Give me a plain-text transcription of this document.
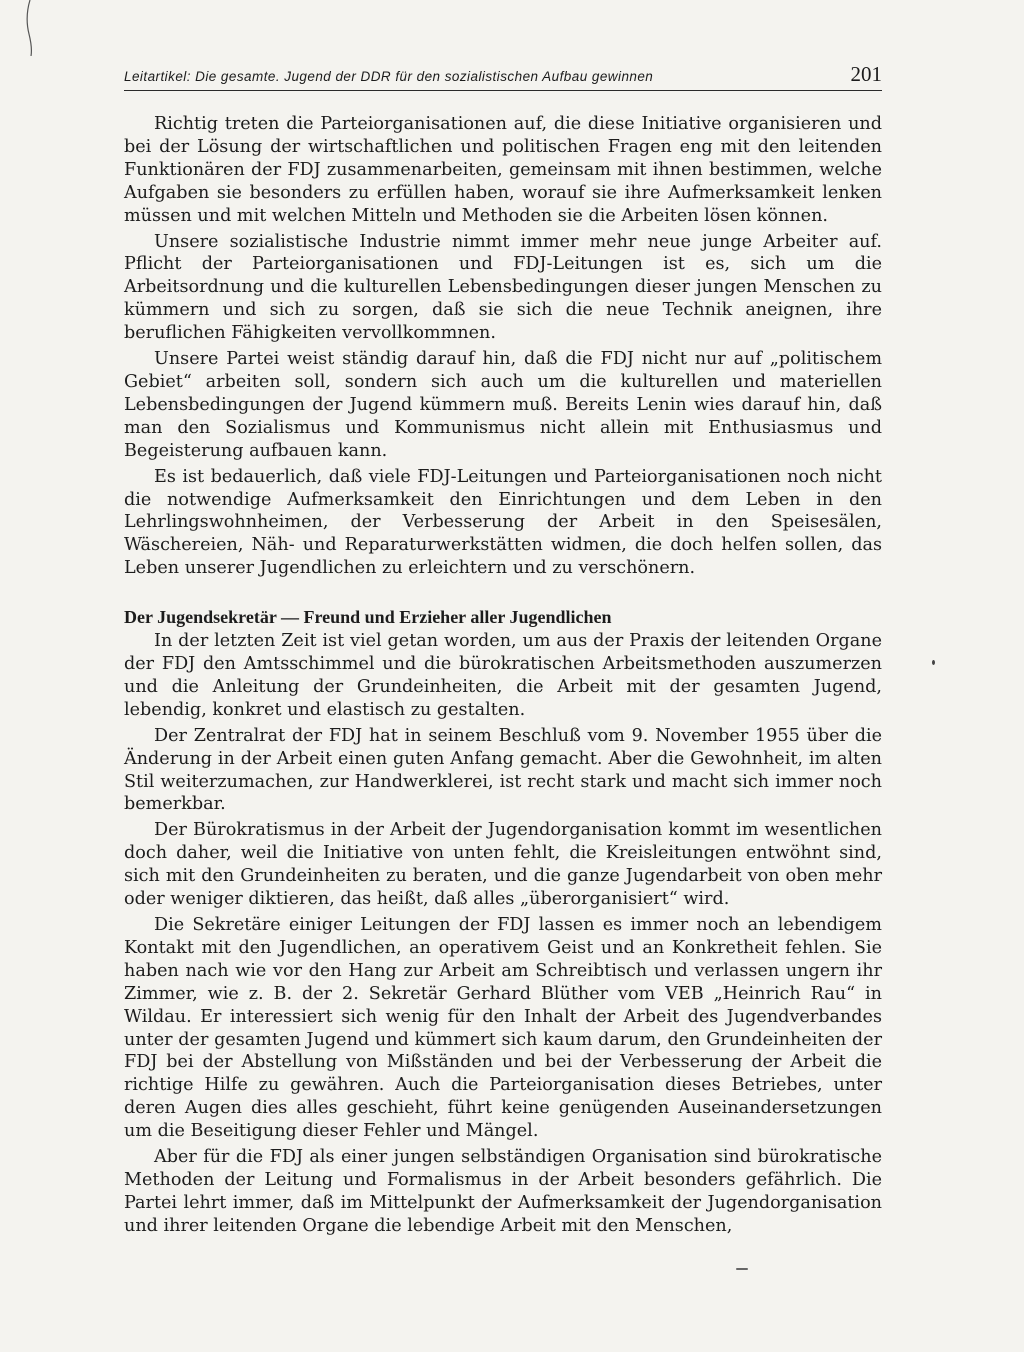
Leitartikel: Die gesamte. Jugend der DDR für den sozialistischen Aufbau gewinnen	201

Richtig treten die Parteiorganisationen auf, die diese Initiative organisieren und bei der Lösung der wirtschaftlichen und politischen Fragen eng mit den leitenden Funktionären der FDJ zusammenarbeiten, gemeinsam mit ihnen bestimmen, welche Aufgaben sie besonders zu erfüllen haben, worauf sie ihre Aufmerksamkeit lenken müssen und mit welchen Mitteln und Methoden sie die Arbeiten lösen können.

Unsere sozialistische Industrie nimmt immer mehr neue junge Arbeiter auf. Pflicht der Parteiorganisationen und FDJ-Leitungen ist es, sich um die Arbeitsordnung und die kulturellen Lebensbedingungen dieser jungen Menschen zu kümmern und sich zu sorgen, daß sie sich die neue Technik aneignen, ihre beruflichen Fähigkeiten vervollkommnen.

Unsere Partei weist ständig darauf hin, daß die FDJ nicht nur auf „politischem Gebiet“ arbeiten soll, sondern sich auch um die kulturellen und materiellen Lebensbedingungen der Jugend kümmern muß. Bereits Lenin wies darauf hin, daß man den Sozialismus und Kommunismus nicht allein mit Enthusiasmus und Begeisterung aufbauen kann.

Es ist bedauerlich, daß viele FDJ-Leitungen und Parteiorganisationen noch nicht die notwendige Aufmerksamkeit den Einrichtungen und dem Leben in den Lehrlingswohnheimen, der Verbesserung der Arbeit in den Speisesälen, Wäschereien, Näh- und Reparaturwerkstätten widmen, die doch helfen sollen, das Leben unserer Jugendlichen zu erleichtern und zu verschönern.

Der Jugendsekretär — Freund und Erzieher aller Jugendlichen

In der letzten Zeit ist viel getan worden, um aus der Praxis der leitenden Organe der FDJ den Amtsschimmel und die bürokratischen Arbeitsmethoden auszumerzen und die Anleitung der Grundeinheiten, die Arbeit mit der gesamten Jugend, lebendig, konkret und elastisch zu gestalten.

Der Zentralrat der FDJ hat in seinem Beschluß vom 9. November 1955 über die Änderung in der Arbeit einen guten Anfang gemacht. Aber die Gewohnheit, im alten Stil weiterzumachen, zur Handwerklerei, ist recht stark und macht sich immer noch bemerkbar.

Der Bürokratismus in der Arbeit der Jugendorganisation kommt im wesentlichen doch daher, weil die Initiative von unten fehlt, die Kreisleitungen entwöhnt sind, sich mit den Grundeinheiten zu beraten, und die ganze Jugendarbeit von oben mehr oder weniger diktieren, das heißt, daß alles „überorganisiert“ wird.

Die Sekretäre einiger Leitungen der FDJ lassen es immer noch an lebendigem Kontakt mit den Jugendlichen, an operativem Geist und an Konkretheit fehlen. Sie haben nach wie vor den Hang zur Arbeit am Schreibtisch und verlassen ungern ihr Zimmer, wie z. B. der 2. Sekretär Gerhard Blüther vom VEB „Heinrich Rau“ in Wildau. Er interessiert sich wenig für den Inhalt der Arbeit des Jugendverbandes unter der gesamten Jugend und kümmert sich kaum darum, den Grundeinheiten der FDJ bei der Abstellung von Mißständen und bei der Verbesserung der Arbeit die richtige Hilfe zu gewähren. Auch die Parteiorganisation dieses Betriebes, unter deren Augen dies alles geschieht, führt keine genügenden Auseinandersetzungen um die Beseitigung dieser Fehler und Mängel.

Aber für die FDJ als einer jungen selbständigen Organisation sind bürokratische Methoden der Leitung und Formalismus in der Arbeit besonders gefährlich. Die Partei lehrt immer, daß im Mittelpunkt der Aufmerksamkeit der Jugendorganisation und ihrer leitenden Organe die lebendige Arbeit mit den Menschen,
